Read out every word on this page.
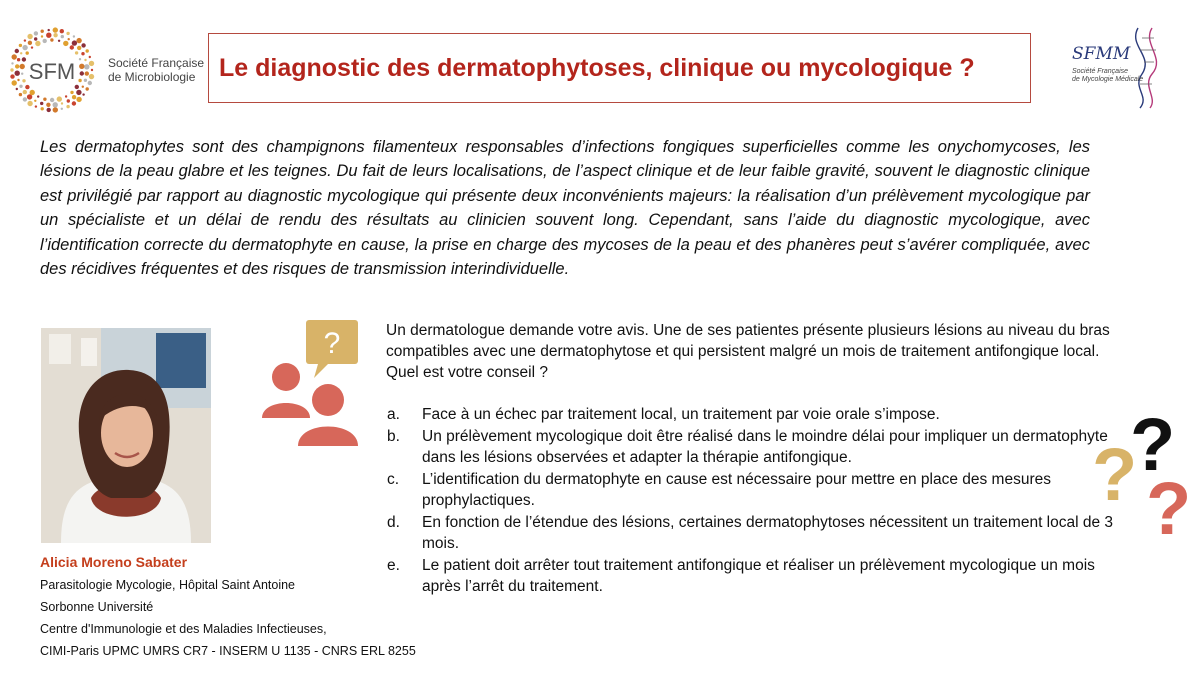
SFM	Société Française
de Microbiologie Le diagnostic des dermatophytoses, clinique ou mycologique ?	SFMM
Société Française
de Mycologie Médicale

Les dermatophytes sont des champignons filamenteux responsables d’infections fongiques superficielles comme les onychomycoses, les lésions de la peau glabre et les teignes. Du fait de leurs localisations, de l’aspect clinique et de leur faible gravité, souvent le diagnostic clinique est privilégié par rapport au diagnostic mycologique qui présente deux inconvénients majeurs: la réalisation d’un prélèvement mycologique par un spécialiste et un délai de rendu des résultats au clinicien souvent long. Cependant, sans l’aide du diagnostic mycologique, avec l’identification correcte du dermatophyte en cause, la prise en charge des mycoses de la peau et des phanères peut s’avérer compliquée, avec des récidives fréquentes et des risques de transmission interindividuelle.

Alicia Moreno Sabater
Parasitologie Mycologie, Hôpital Saint Antoine
Sorbonne Université
Centre d'Immunologie et des Maladies Infectieuses,
CIMI-Paris UPMC UMRS CR7 - INSERM U 1135 - CNRS ERL 8255
?	Un dermatologue demande votre avis. Une de ses patientes présente plusieurs lésions au niveau du bras compatibles avec une dermatophytose et qui persistent malgré un mois de traitement antifongique local. Quel est votre conseil ?

a. Face à un échec par traitement local, un traitement par voie orale s’impose.
b. Un prélèvement mycologique doit être réalisé dans le moindre délai pour impliquer un dermatophyte dans les lésions observées et adapter la thérapie antifongique.
c. L’identification du dermatophyte en cause est nécessaire pour mettre en place des mesures prophylactiques.
d. En fonction de l’étendue des lésions, certaines dermatophytoses nécessitent un traitement local de 3 mois.
e. Le patient doit arrêter tout traitement antifongique et réaliser un prélèvement mycologique un mois après l’arrêt du traitement.
?
?
?
